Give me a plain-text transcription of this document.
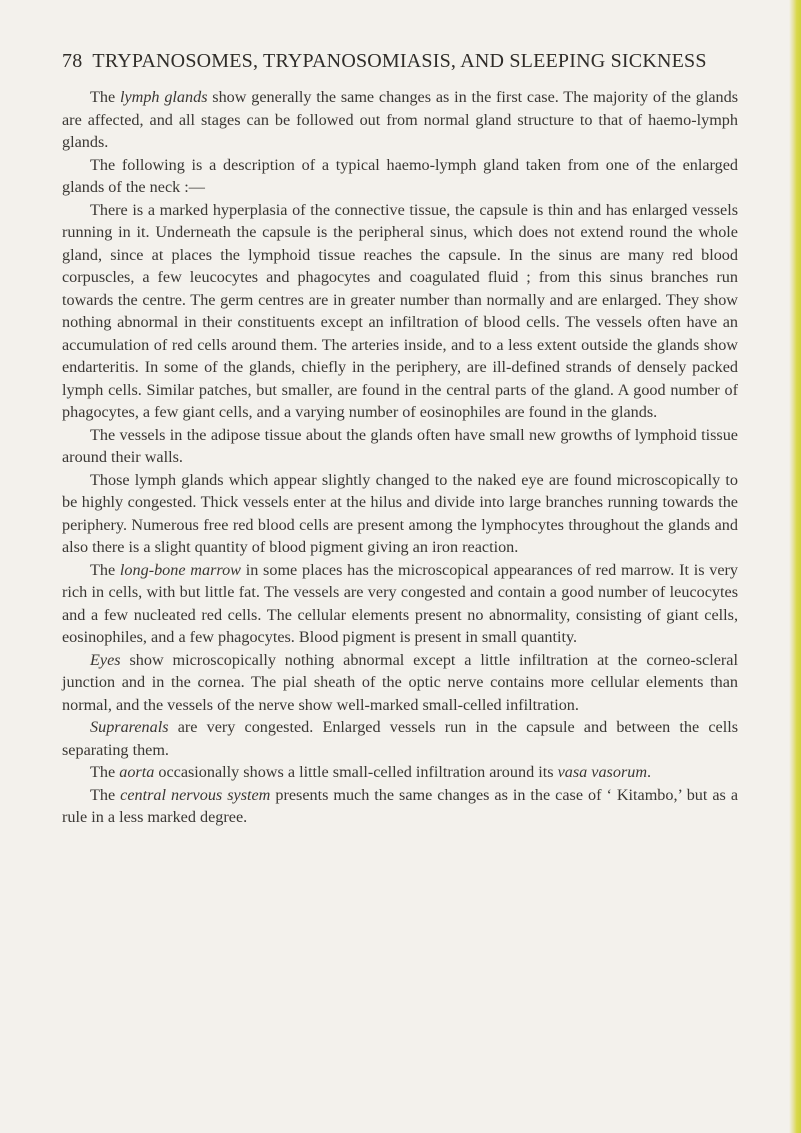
78 TRYPANOSOMES, TRYPANOSOMIASIS, AND SLEEPING SICKNESS

The lymph glands show generally the same changes as in the first case. The majority of the glands are affected, and all stages can be followed out from normal gland structure to that of haemo-lymph glands.

The following is a description of a typical haemo-lymph gland taken from one of the enlarged glands of the neck :—

There is a marked hyperplasia of the connective tissue, the capsule is thin and has enlarged vessels running in it. Underneath the capsule is the peripheral sinus, which does not extend round the whole gland, since at places the lymphoid tissue reaches the capsule. In the sinus are many red blood corpuscles, a few leucocytes and phagocytes and coagulated fluid ; from this sinus branches run towards the centre. The germ centres are in greater number than normally and are enlarged. They show nothing abnormal in their constituents except an infiltration of blood cells. The vessels often have an accumulation of red cells around them. The arteries inside, and to a less extent outside the glands show endarteritis. In some of the glands, chiefly in the periphery, are ill-defined strands of densely packed lymph cells. Similar patches, but smaller, are found in the central parts of the gland. A good number of phagocytes, a few giant cells, and a varying number of eosinophiles are found in the glands.

The vessels in the adipose tissue about the glands often have small new growths of lymphoid tissue around their walls.

Those lymph glands which appear slightly changed to the naked eye are found microscopically to be highly congested. Thick vessels enter at the hilus and divide into large branches running towards the periphery. Numerous free red blood cells are present among the lymphocytes throughout the glands and also there is a slight quantity of blood pigment giving an iron reaction.

The long-bone marrow in some places has the microscopical appearances of red marrow. It is very rich in cells, with but little fat. The vessels are very congested and contain a good number of leucocytes and a few nucleated red cells. The cellular elements present no abnormality, consisting of giant cells, eosinophiles, and a few phagocytes. Blood pigment is present in small quantity.

Eyes show microscopically nothing abnormal except a little infiltration at the corneo-scleral junction and in the cornea. The pial sheath of the optic nerve contains more cellular elements than normal, and the vessels of the nerve show well-marked small-celled infiltration.

Suprarenals are very congested. Enlarged vessels run in the capsule and between the cells separating them.

The aorta occasionally shows a little small-celled infiltration around its vasa vasorum.

The central nervous system presents much the same changes as in the case of ‘ Kitambo,’ but as a rule in a less marked degree.
